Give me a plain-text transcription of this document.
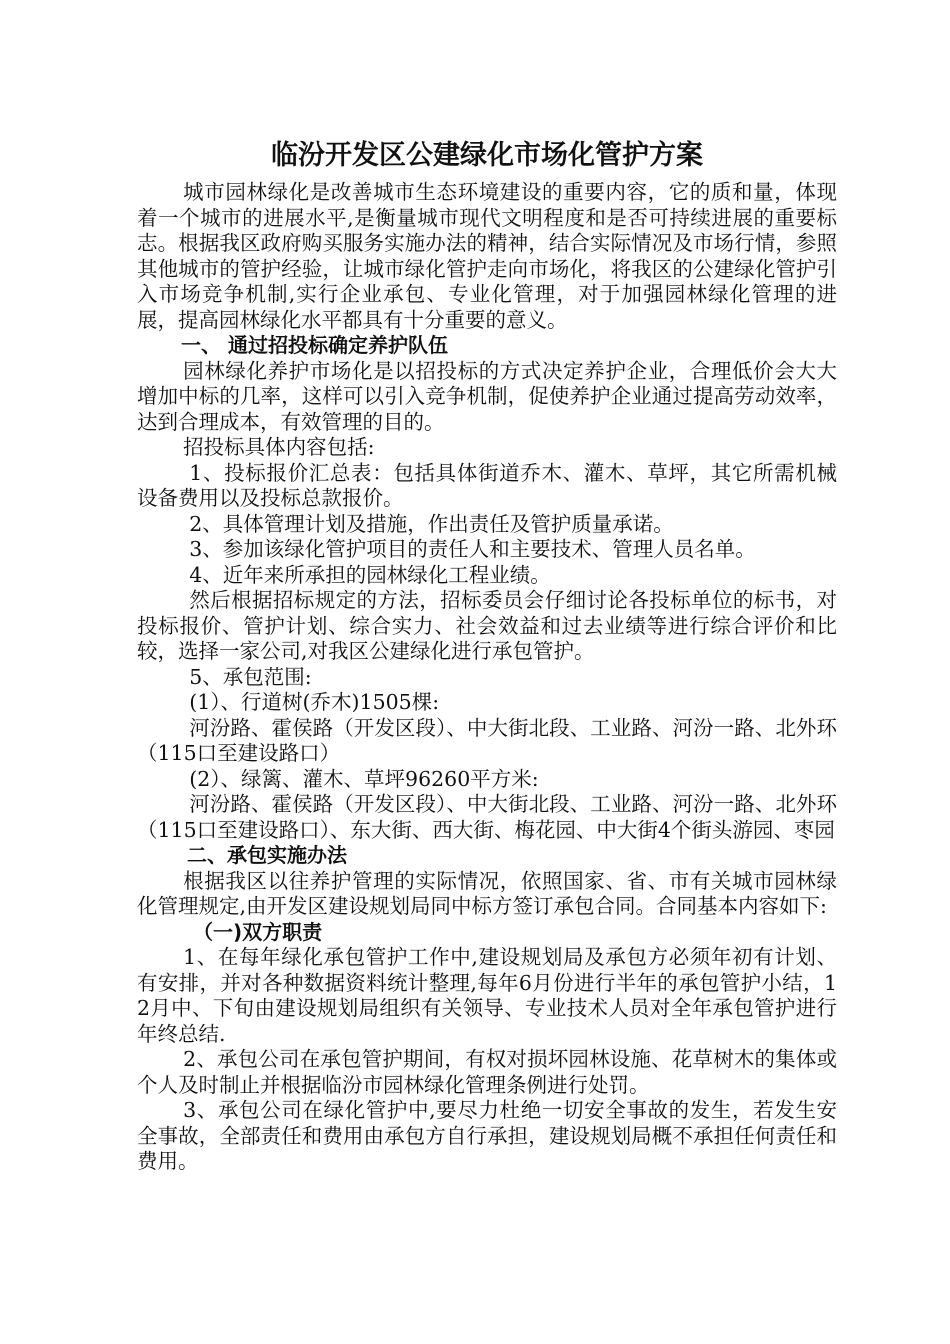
临汾开发区公建绿化市场化管护方案

城市园林绿化是改善城市生态环境建设的重要内容，它的质和量，体现着一个城市的进展水平,是衡量城市现代文明程度和是否可持续进展的重要标志。根据我区政府购买服务实施办法的精神，结合实际情况及市场行情，参照其他城市的管护经验，让城市绿化管护走向市场化，将我区的公建绿化管护引入市场竞争机制,实行企业承包、专业化管理，对于加强园林绿化管理的进展，提高园林绿化水平都具有十分重要的意义。

一、 通过招投标确定养护队伍

园林绿化养护市场化是以招投标的方式决定养护企业，合理低价会大大增加中标的几率，这样可以引入竞争机制，促使养护企业通过提高劳动效率，达到合理成本，有效管理的目的。

招投标具体内容包括:

1、投标报价汇总表：包括具体街道乔木、灌木、草坪，其它所需机械设备费用以及投标总款报价。

2、具体管理计划及措施，作出责任及管护质量承诺。

3、参加该绿化管护项目的责任人和主要技术、管理人员名单。

4、近年来所承担的园林绿化工程业绩。

然后根据招标规定的方法，招标委员会仔细讨论各投标单位的标书，对投标报价、管护计划、综合实力、社会效益和过去业绩等进行综合评价和比较，选择一家公司,对我区公建绿化进行承包管护。

5、承包范围:

(1）、行道树(乔木)1505棵:

河汾路、霍侯路（开发区段）、中大街北段、工业路、河汾一路、北外环（115口至建设路口）

(2）、绿篱、灌木、草坪96260平方米:

河汾路、霍侯路（开发区段）、中大街北段、工业路、河汾一路、北外环（115口至建设路口）、东大街、西大街、梅花园、中大街4个街头游园、枣园

二、承包实施办法

根据我区以往养护管理的实际情况，依照国家、省、市有关城市园林绿化管理规定,由开发区建设规划局同中标方签订承包合同。合同基本内容如下:

（一)双方职责

1、在每年绿化承包管护工作中,建设规划局及承包方必须年初有计划、有安排，并对各种数据资料统计整理,每年6月份进行半年的承包管护小结，12月中、下旬由建设规划局组织有关领导、专业技术人员对全年承包管护进行年终总结.

2、承包公司在承包管护期间，有权对损坏园林设施、花草树木的集体或个人及时制止并根据临汾市园林绿化管理条例进行处罚。

3、承包公司在绿化管护中,要尽力杜绝一切安全事故的发生，若发生安全事故，全部责任和费用由承包方自行承担，建设规划局概不承担任何责任和费用。
